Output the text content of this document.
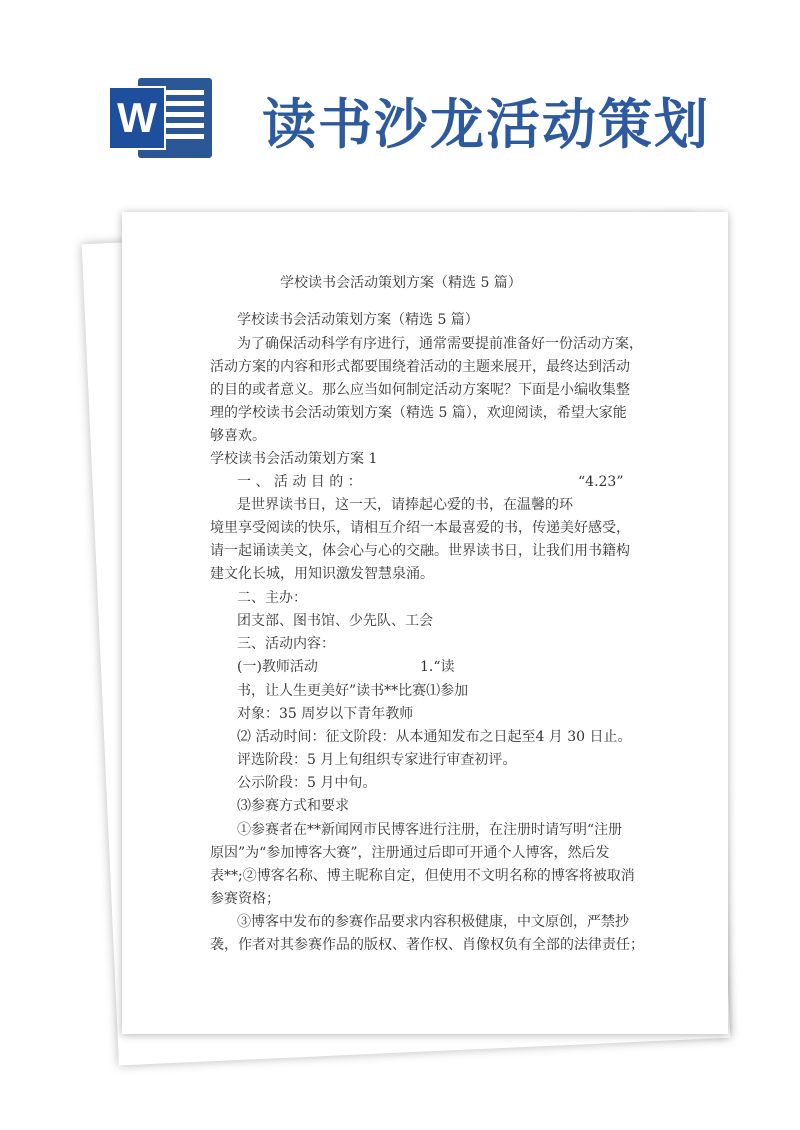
W 读书沙龙活动策划
学校读书会活动策划方案（精选 5 篇）
学校读书会活动策划方案（精选 5 篇）
为了确保活动科学有序进行，通常需要提前准备好一份活动方案，
活动方案的内容和形式都要围绕着活动的主题来展开，最终达到活动
的目的或者意义。那么应当如何制定活动方案呢？下面是小编收集整
理的学校读书会活动策划方案（精选 5 篇），欢迎阅读，希望大家能
够喜欢。
学校读书会活动策划方案 1
一 、 活 动 目 的 ：	“4.23”
是世界读书日，这一天，请捧起心爱的书，在温馨的环
境里享受阅读的快乐，请相互介绍一本最喜爱的书，传递美好感受，
请一起诵读美文，体会心与心的交融。世界读书日，让我们用书籍构
建文化长城，用知识激发智慧泉涌。
二、主办：
团支部、图书馆、少先队、工会
三、活动内容：
(一)教师活动	1.“读
书，让人生更美好”读书**比赛⑴参加
对象：35 周岁以下青年教师
⑵ 活动时间：征文阶段：从本通知发布之日起至4 月 30 日止。
评选阶段：5 月上旬组织专家进行审查初评。
公示阶段：5 月中旬。
⑶参赛方式和要求
①参赛者在**新闻网市民博客进行注册，在注册时请写明“注册
原因”为“参加博客大赛”，注册通过后即可开通个人博客，然后发
表**;②博客名称、博主昵称自定，但使用不文明名称的博客将被取消
参赛资格；
③博客中发布的参赛作品要求内容积极健康，中文原创，严禁抄
袭，作者对其参赛作品的版权、著作权、肖像权负有全部的法律责任；
